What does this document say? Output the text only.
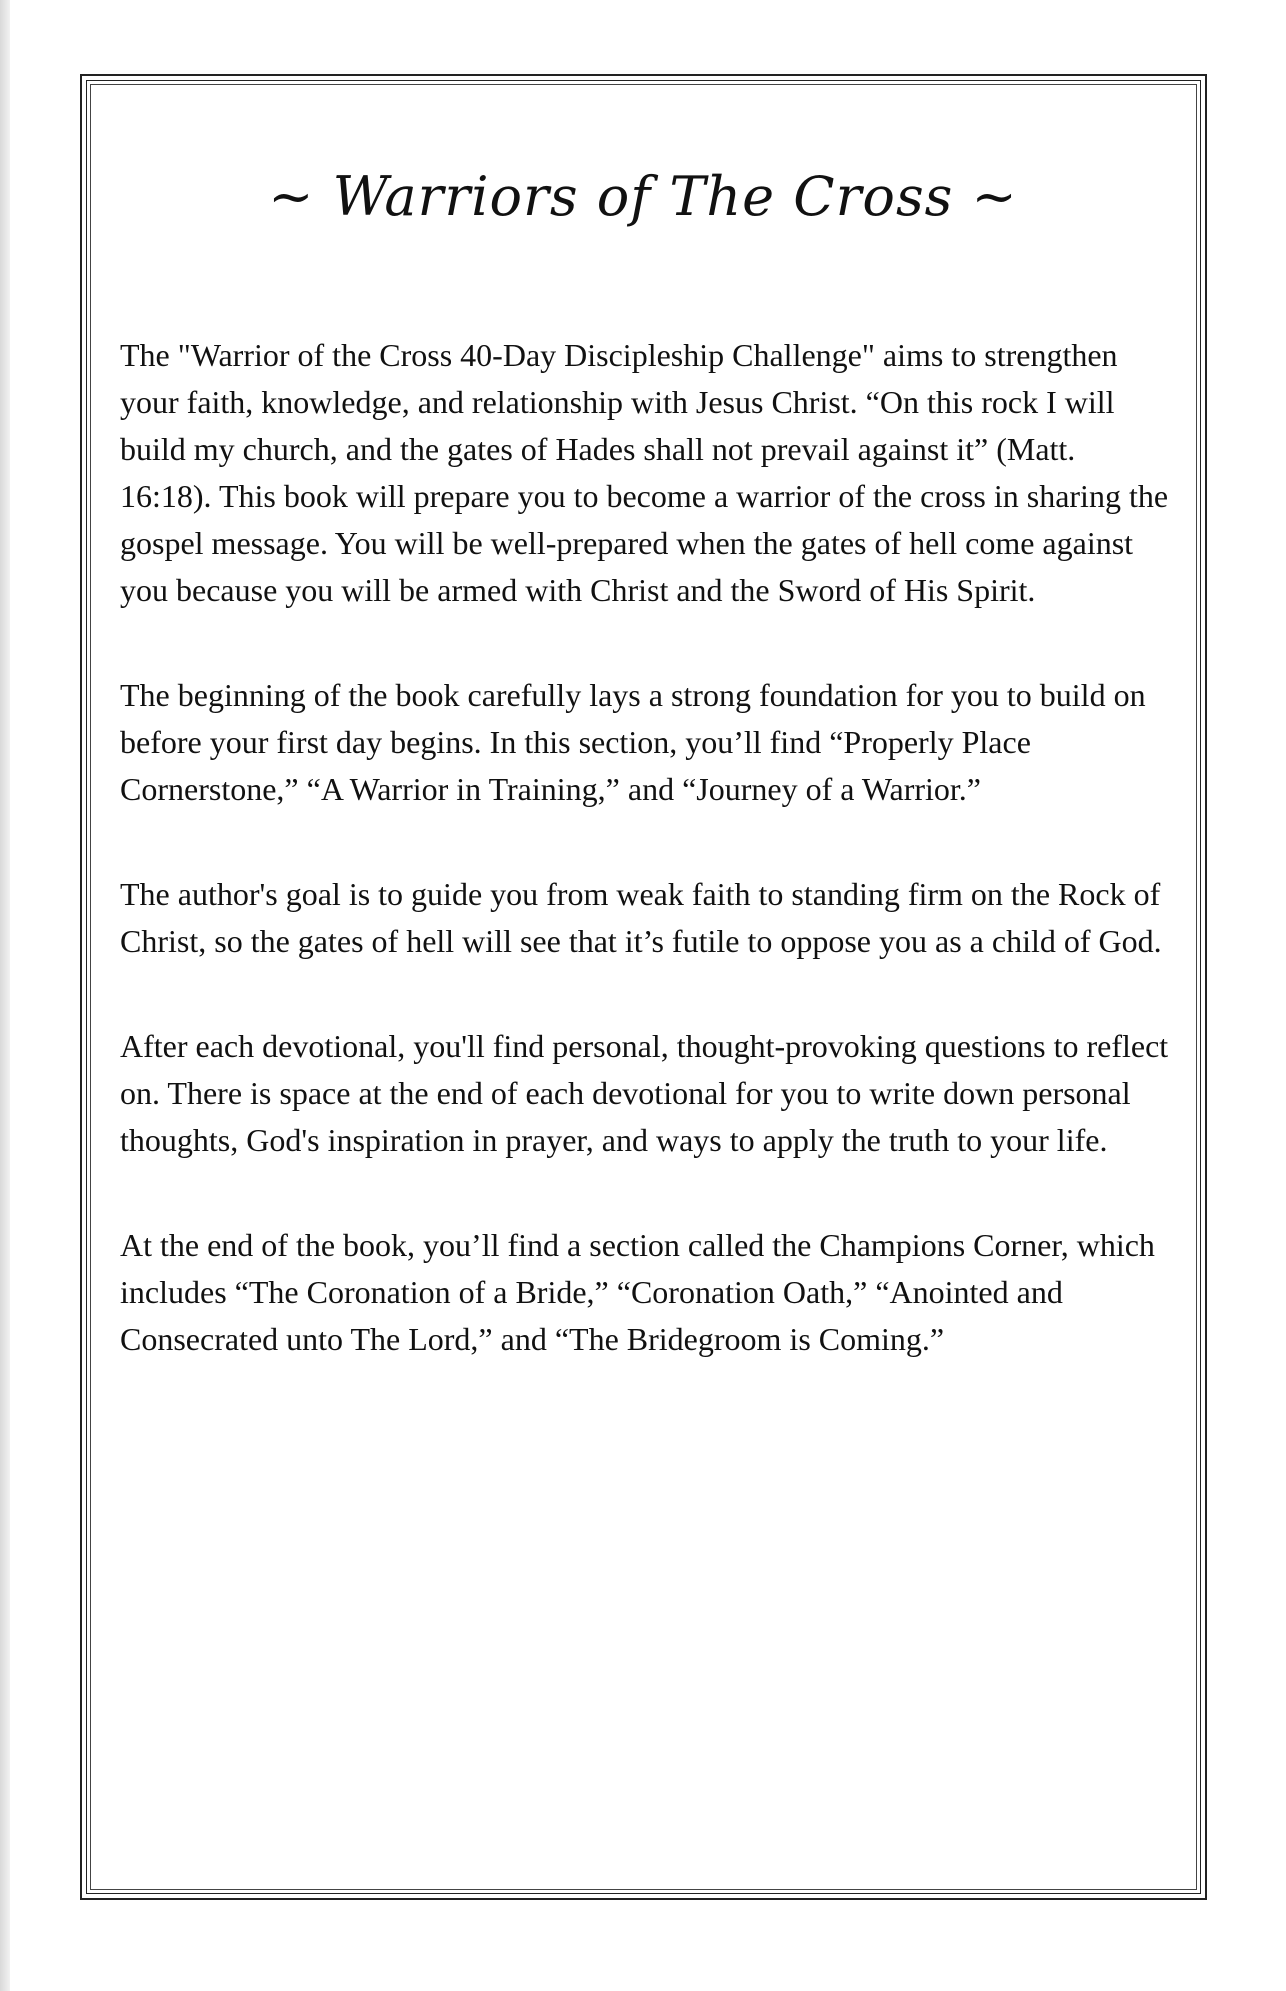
~ Warriors of The Cross ~

The "Warrior of the Cross 40-Day Discipleship Challenge" aims to strengthen your faith, knowledge, and relationship with Jesus Christ. “On this rock I will build my church, and the gates of Hades shall not prevail against it” (Matt. 16:18). This book will prepare you to become a warrior of the cross in sharing the gospel message. You will be well-prepared when the gates of hell come against you because you will be armed with Christ and the Sword of His Spirit.

The beginning of the book carefully lays a strong foundation for you to build on before your first day begins. In this section, you’ll find “Properly Place Cornerstone,” “A Warrior in Training,” and “Journey of a Warrior.”

The author's goal is to guide you from weak faith to standing firm on the Rock of Christ, so the gates of hell will see that it’s futile to oppose you as a child of God.

After each devotional, you'll find personal, thought-provoking questions to reflect on. There is space at the end of each devotional for you to write down personal thoughts, God's inspiration in prayer, and ways to apply the truth to your life.

At the end of the book, you’ll find a section called the Champions Corner, which includes “The Coronation of a Bride,” “Coronation Oath,” “Anointed and Consecrated unto The Lord,” and “The Bridegroom is Coming.”
